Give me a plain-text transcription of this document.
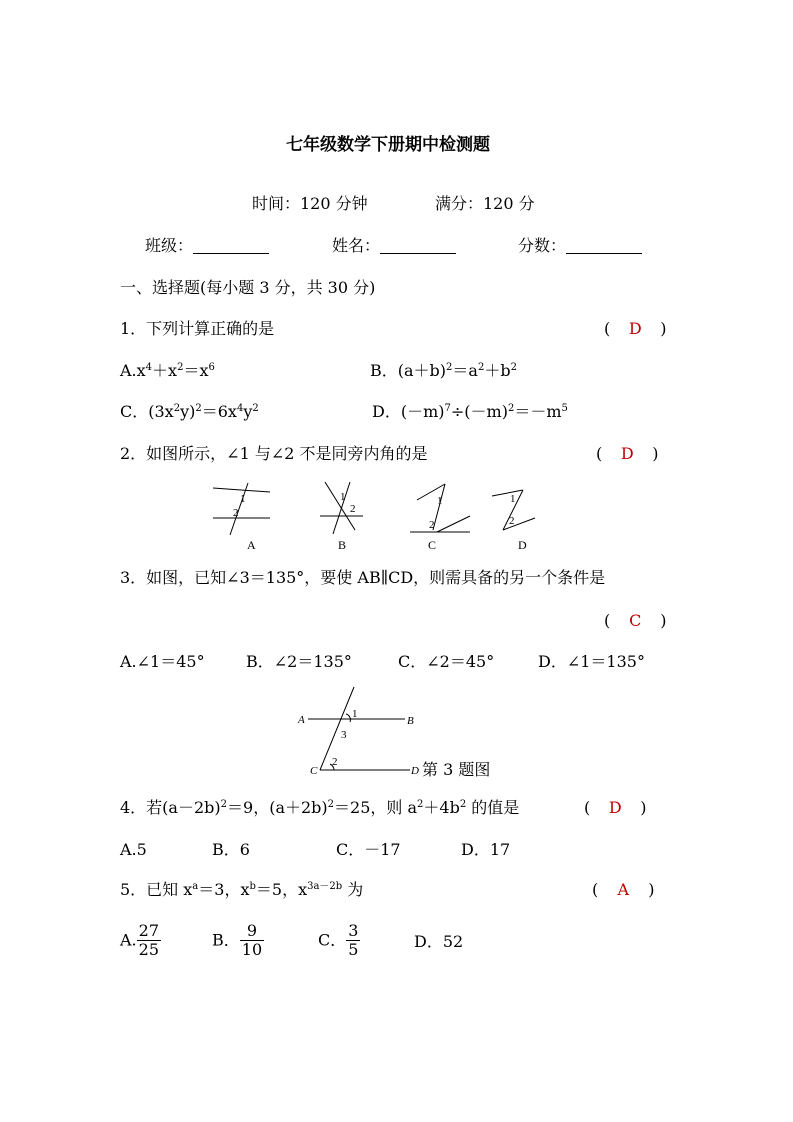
七年级数学下册期中检测题
时间：120 分钟	满分：120 分
班级：	姓名：	分数：
一、选择题(每小题 3 分，共 30 分)
1．下列计算正确的是	( D )
$A.x^4+x^2=x^6$	B．$(a+b)^2=a^2+b^2$
C．$(3x^2y)^2=6x^4y^2$	D．$(-m)^7\div(-m)^2=-m^5$
2．如图所示，∠1 与∠2 不是同旁内角的是	( D )
1
2
1
2
1
2
1
2
A	B	C	D
3．如图，已知∠3＝135°，要使 AB∥CD，则需具备的另一个条件是
( C )
A.∠1＝45°	B．∠2＝135°	C．∠2＝45°	D．∠1＝135°
A	B
C	D
1
3
2	第 3 题图
4．若$(a-2b)^2=9$，$(a+2b)^2=25$，则 $a^2+4b^2$ 的值是	( D )
A.5	B．6	C．－17	D．17
5．已知 $x^a=3$，$x^b=5$，$x^{3a-2b}$ 为	( A )
A. $\frac{27}{25}$	B． $\frac{9}{10}$	C． $\frac{3}{5}$	D．52
